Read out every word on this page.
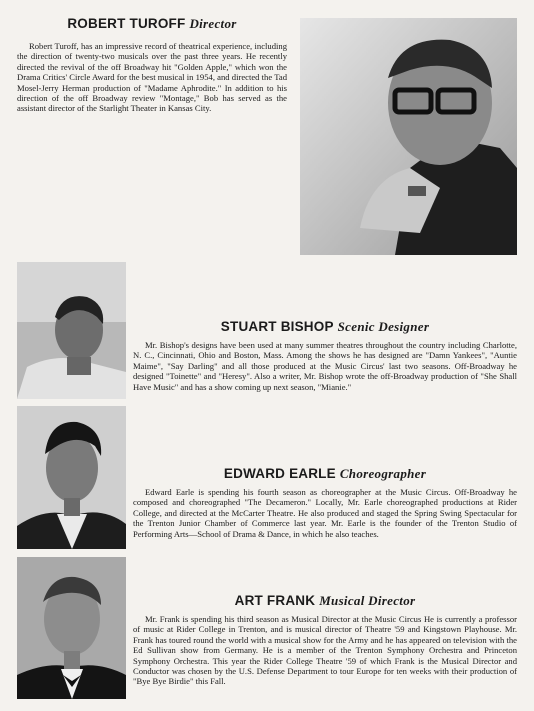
ROBERT TUROFF Director

Robert Turoff, has an impressive record of theatrical experience, including the direction of twenty-two musicals over the past three years. He recently directed the revival of the off Broadway hit "Golden Apple," which won the Drama Critics' Circle Award for the best musical in 1954, and directed the Tad Mosel-Jerry Herman production of "Madame Aphrodite." In addition to his direction of the off Broadway review "Montage," Bob has served as the assistant director of the Starlight Theater in Kansas City.

STUART BISHOP Scenic Designer

Mr. Bishop's designs have been used at many summer theatres throughout the country including Charlotte, N. C., Cincinnati, Ohio and Boston, Mass. Among the shows he has designed are "Damn Yankees", "Auntie Maime", "Say Darling" and all those produced at the Music Circus' last two seasons. Off-Broadway he designed "Toinette" and "Heresy". Also a writer, Mr. Bishop wrote the off-Broadway production of "She Shall Have Music" and has a show coming up next season, "Mianie."

EDWARD EARLE Choreographer

Edward Earle is spending his fourth season as choreographer at the Music Circus. Off-Broadway he composed and choreographed "The Decameron." Locally, Mr. Earle choreographed productions at Rider College, and directed at the McCarter Theatre. He also produced and staged the Spring Swing Spectacular for the Trenton Junior Chamber of Commerce last year. Mr. Earle is the founder of the Trenton Studio of Performing Arts—School of Drama & Dance, in which he also teaches.

ART FRANK Musical Director

Mr. Frank is spending his third season as Musical Director at the Music Circus He is currently a professor of music at Rider College in Trenton, and is musical director of Theatre '59 and Kingstown Playhouse. Mr. Frank has toured round the world with a musical show for the Army and he has appeared on television with the Ed Sullivan show from Germany. He is a member of the Trenton Symphony Orchestra and Princeton Symphony Orchestra. This year the Rider College Theatre '59 of which Frank is the Musical Director and Conductor was chosen by the U.S. Defense Department to tour Europe for ten weeks with their production of "Bye Bye Birdie" this Fall.
